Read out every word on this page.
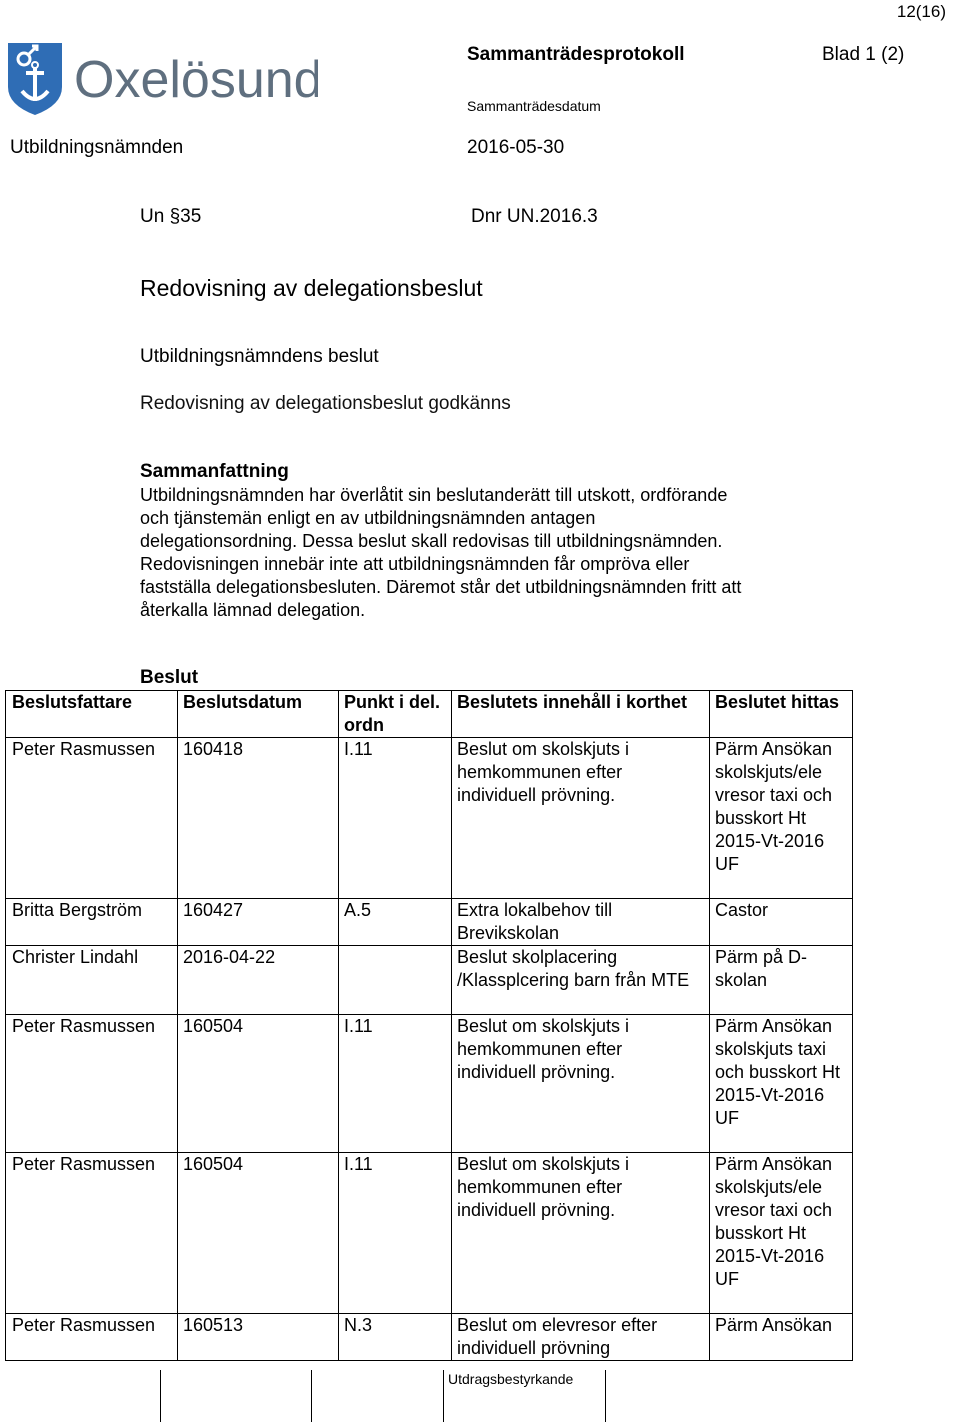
12(16)
Oxelösund	Sammanträdesprotokoll	Blad 1 (2)
Sammanträdesdatum
Utbildningsnämnden	2016-05-30
Un §35	Dnr UN.2016.3
Redovisning av delegationsbeslut
Utbildningsnämndens beslut
Redovisning av delegationsbeslut godkänns
Sammanfattning

Utbildningsnämnden har överlåtit sin beslutanderätt till utskott, ordförande

och tjänstemän enligt en av utbildningsnämnden antagen

delegationsordning. Dessa beslut skall redovisas till utbildningsnämnden.

Redovisningen innebär inte att utbildningsnämnden får ompröva eller

fastställa delegationsbesluten. Däremot står det utbildningsnämnden fritt att

återkalla lämnad delegation.

Beslut
Beslutsfattare	Beslutsdatum	Punkt i del. ordn	Beslutets innehåll i korthet	Beslutet hittas
Peter Rasmussen	160418	I.11	Beslut om skolskjuts i hemkommunen efter individuell prövning.	Pärm Ansökan skolskjuts/ele vresor taxi och busskort Ht 2015-Vt-2016 UF
Britta Bergström	160427	A.5	Extra lokalbehov till Brevikskolan	Castor
Christer Lindahl	2016-04-22		Beslut skolplacering /Klassplcering barn från MTE	Pärm på D-skolan
Peter Rasmussen	160504	I.11	Beslut om skolskjuts i hemkommunen efter individuell prövning.	Pärm Ansökan skolskjuts taxi och busskort Ht 2015-Vt-2016 UF
Peter Rasmussen	160504	I.11	Beslut om skolskjuts i hemkommunen efter individuell prövning.	Pärm Ansökan skolskjuts/ele vresor taxi och busskort Ht 2015-Vt-2016 UF
Peter Rasmussen	160513	N.3	Beslut om elevresor efter individuell prövning	Pärm Ansökan
Utdragsbestyrkande
